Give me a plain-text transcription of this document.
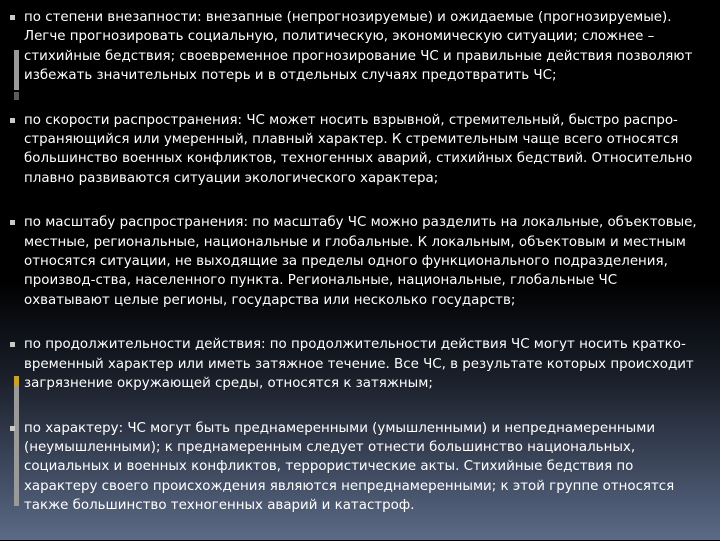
по степени внезапности: внезапные (непрогнозируемые) и ожидаемые (прогнозируемые). Легче прогнозировать социальную, политическую, экономическую ситуации; сложнее – стихийные бедствия; своевременное прогнозирование ЧС и правильные действия позволяют избежать значительных потерь и в отдельных случаях предотвратить ЧС;
по скорости распространения: ЧС может носить взрывной, стремительный, быстро распро-страняющийся или умеренный, плавный характер. К стремительным чаще всего относятся большинство военных конфликтов, техногенных аварий, стихийных бедствий. Относительно плавно развиваются ситуации экологического характера;
по масштабу распространения: по масштабу ЧС можно разделить на локальные, объектовые, местные, региональные, национальные и глобальные. К локальным, объектовым и местным относятся ситуации, не выходящие за пределы одного функционального подразделения, производ-ства, населенного пункта. Региональные, национальные, глобальные ЧС охватывают целые регионы, государства или несколько государств;
по продолжительности действия: по продолжительности действия ЧС могут носить кратко-временный характер или иметь затяжное течение. Все ЧС, в результате которых происходит загрязнение окружающей среды, относятся к затяжным;
по характеру: ЧС могут быть преднамеренными (умышленными) и непреднамеренными (неумышленными); к преднамеренным следует отнести большинство национальных, социальных и военных конфликтов, террористические акты. Стихийные бедствия по характеру своего происхождения являются непреднамеренными; к этой группе относятся также большинство техногенных аварий и катастроф.
